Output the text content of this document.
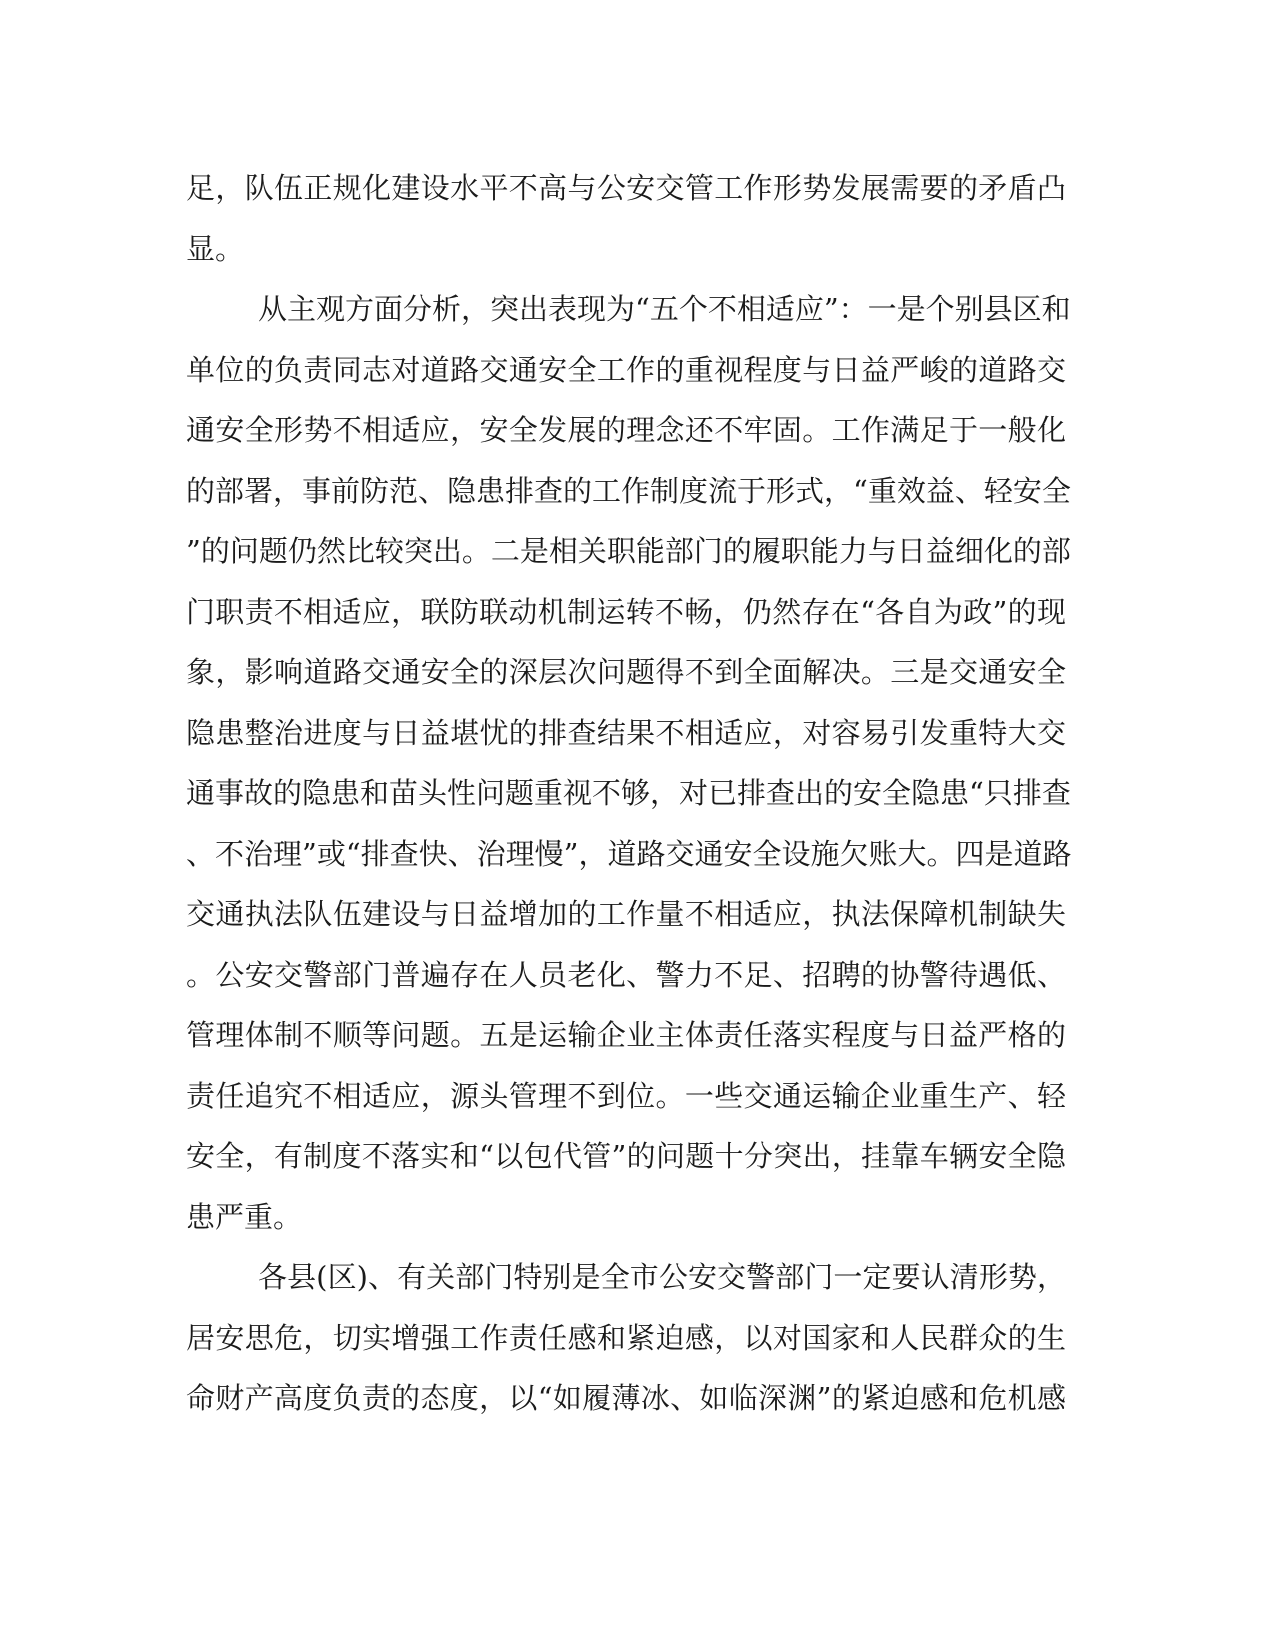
足，队伍正规化建设水平不高与公安交管工作形势发展需要的矛盾凸
显。
从主观方面分析，突出表现为“五个不相适应”：一是个别县区和
单位的负责同志对道路交通安全工作的重视程度与日益严峻的道路交
通安全形势不相适应，安全发展的理念还不牢固。工作满足于一般化
的部署，事前防范、隐患排查的工作制度流于形式，“重效益、轻安全
”的问题仍然比较突出。二是相关职能部门的履职能力与日益细化的部
门职责不相适应，联防联动机制运转不畅，仍然存在“各自为政”的现
象，影响道路交通安全的深层次问题得不到全面解决。三是交通安全
隐患整治进度与日益堪忧的排查结果不相适应，对容易引发重特大交
通事故的隐患和苗头性问题重视不够，对已排查出的安全隐患“只排查
、不治理”或“排查快、治理慢”，道路交通安全设施欠账大。四是道路
交通执法队伍建设与日益增加的工作量不相适应，执法保障机制缺失
。公安交警部门普遍存在人员老化、警力不足、招聘的协警待遇低、
管理体制不顺等问题。五是运输企业主体责任落实程度与日益严格的
责任追究不相适应，源头管理不到位。一些交通运输企业重生产、轻
安全，有制度不落实和“以包代管”的问题十分突出，挂靠车辆安全隐
患严重。
各县(区)、有关部门特别是全市公安交警部门一定要认清形势，
居安思危，切实增强工作责任感和紧迫感，以对国家和人民群众的生
命财产高度负责的态度，以“如履薄冰、如临深渊”的紧迫感和危机感
